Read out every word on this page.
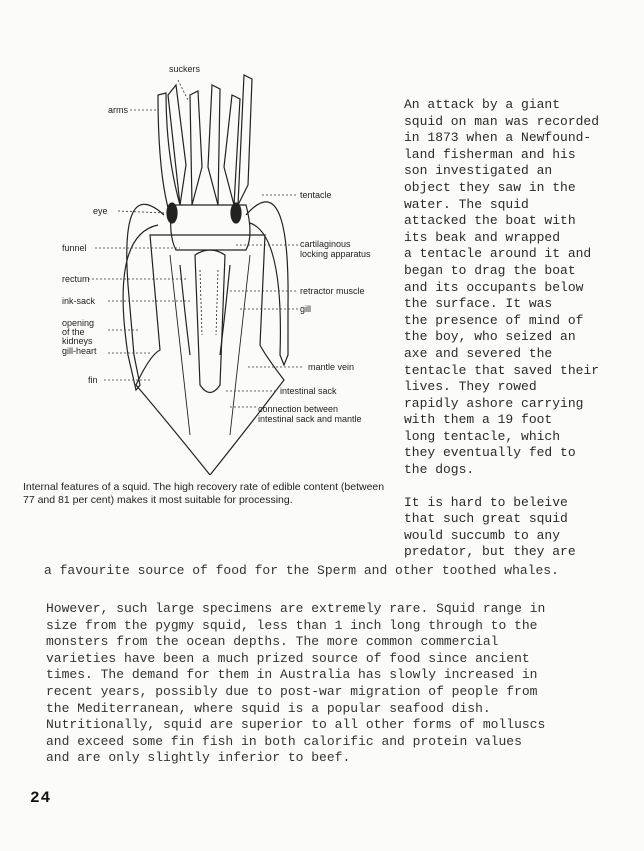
suckers
arms
tentacle
eye
funnel	cartilaginous
locking apparatus
rectum
retractor muscle
ink-sack
gill
opening
of the
kidneys
gill-heart
mantle vein
fin
intestinal sack
connection between
intestinal sack and mantle
Internal features of a squid. The high recovery rate of edible content (between 77 and 81 per cent) makes it most suitable for processing.
An attack by a giant
squid on man was recorded
in 1873 when a Newfound-
land fisherman and his
son investigated an
object they saw in the
water. The squid
attacked the boat with
its beak and wrapped
a tentacle around it and
began to drag the boat
and its occupants below
the surface. It was
the presence of mind of
the boy, who seized an
axe and severed the
tentacle that saved their
lives. They rowed
rapidly ashore carrying
with them a 19 foot
long tentacle, which
they eventually fed to
the dogs.
It is hard to beleive
that such great squid
would succumb to any
predator, but they are
a favourite source of food for the Sperm and other toothed whales.
However, such large specimens are extremely rare. Squid range in
size from the pygmy squid, less than 1 inch long through to the
monsters from the ocean depths. The more common commercial
varieties have been a much prized source of food since ancient
times. The demand for them in Australia has slowly increased in
recent years, possibly due to post-war migration of people from
the Mediterranean, where squid is a popular seafood dish.
Nutritionally, squid are superior to all other forms of molluscs
and exceed some fin fish in both calorific and protein values
and are only slightly inferior to beef.
24
